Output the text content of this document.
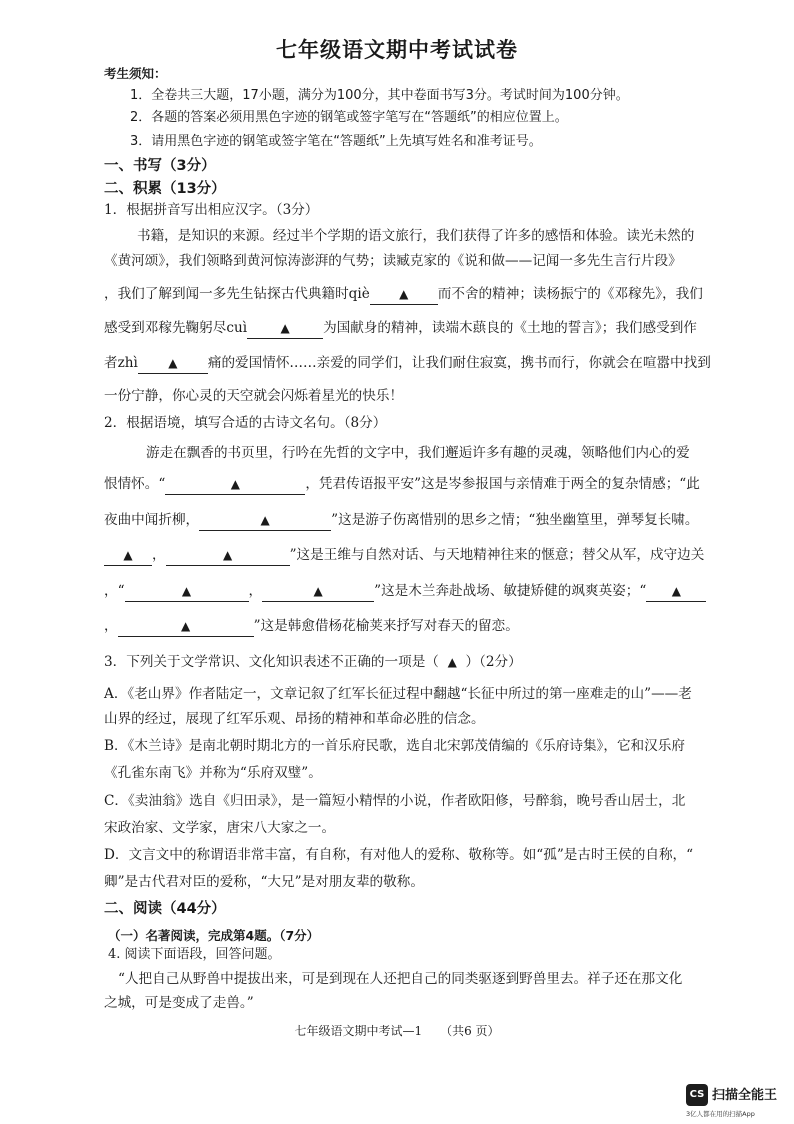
七年级语文期中考试试卷
考生须知：
1．全卷共三大题，17小题，满分为100分，其中卷面书写3分。考试时间为100分钟。
2．各题的答案必须用黑色字迹的钢笔或签字笔写在“答题纸”的相应位置上。
3．请用黑色字迹的钢笔或签字笔在“答题纸”上先填写姓名和准考证号。
一、书写（3分）
二、积累（13分）
1．根据拼音写出相应汉字。（3分）
书籍，是知识的来源。经过半个学期的语文旅行，我们获得了许多的感悟和体验。读光未然的
《黄河颂》，我们领略到黄河惊涛澎湃的气势；读臧克家的《说和做——记闻一多先生言行片段》
，我们了解到闻一多先生钻探古代典籍时qiè ▲ 而不舍的精神；读杨振宁的《邓稼先》，我们
感受到邓稼先鞠躬尽cuì	▲ 为国献身的精神，读端木蕻良的《土地的誓言》；我们感受到作
者zhì	▲ 痛的爱国情怀……亲爱的同学们，让我们耐住寂寞，携书而行，你就会在喧嚣中找到
一份宁静，你心灵的天空就会闪烁着星光的快乐！
2．根据语境，填写合适的古诗文名句。（8分）
游走在飘香的书页里，行吟在先哲的文字中，我们邂逅许多有趣的灵魂，领略他们内心的爱
恨情怀。“	▲	，凭君传语报平安”这是岑参报国与亲情难于两全的复杂情感；“此
夜曲中闻折柳，	▲	”这是游子伤离惜别的思乡之情；“独坐幽篁里，弹琴复长啸。
▲ ，	▲	”这是王维与自然对话、与天地精神往来的惬意；替父从军，戍守边关
，“	▲	，	▲	”这是木兰奔赴战场、敏捷矫健的飒爽英姿；“ ▲
，	▲	”这是韩愈借杨花榆荚来抒写对春天的留恋。
3．下列关于文学常识、文化知识表述不正确的一项是（ ▲ ）（2分）
A．《老山界》作者陆定一，文章记叙了红军长征过程中翻越“长征中所过的第一座难走的山”——老
山界的经过，展现了红军乐观、昂扬的精神和革命必胜的信念。
B．《木兰诗》是南北朝时期北方的一首乐府民歌，选自北宋郭茂倩编的《乐府诗集》，它和汉乐府
《孔雀东南飞》并称为“乐府双璧”。
C．《卖油翁》选自《归田录》，是一篇短小精悍的小说，作者欧阳修，号醉翁，晚号香山居士，北
宋政治家、文学家，唐宋八大家之一。
D．文言文中的称谓语非常丰富，有自称，有对他人的爱称、敬称等。如“孤”是古时王侯的自称，“
卿”是古代君对臣的爱称，“大兄”是对朋友辈的敬称。
二、阅读（44分）
（一）名著阅读，完成第4题。（7分）
4. 阅读下面语段，回答问题。
“人把自己从野兽中提拔出来，可是到现在人还把自己的同类驱逐到野兽里去。祥子还在那文化
之城，可是变成了走兽。”
七年级语文期中考试—1　　（共6 页）
CS 扫描全能王
3亿人都在用的扫描App
